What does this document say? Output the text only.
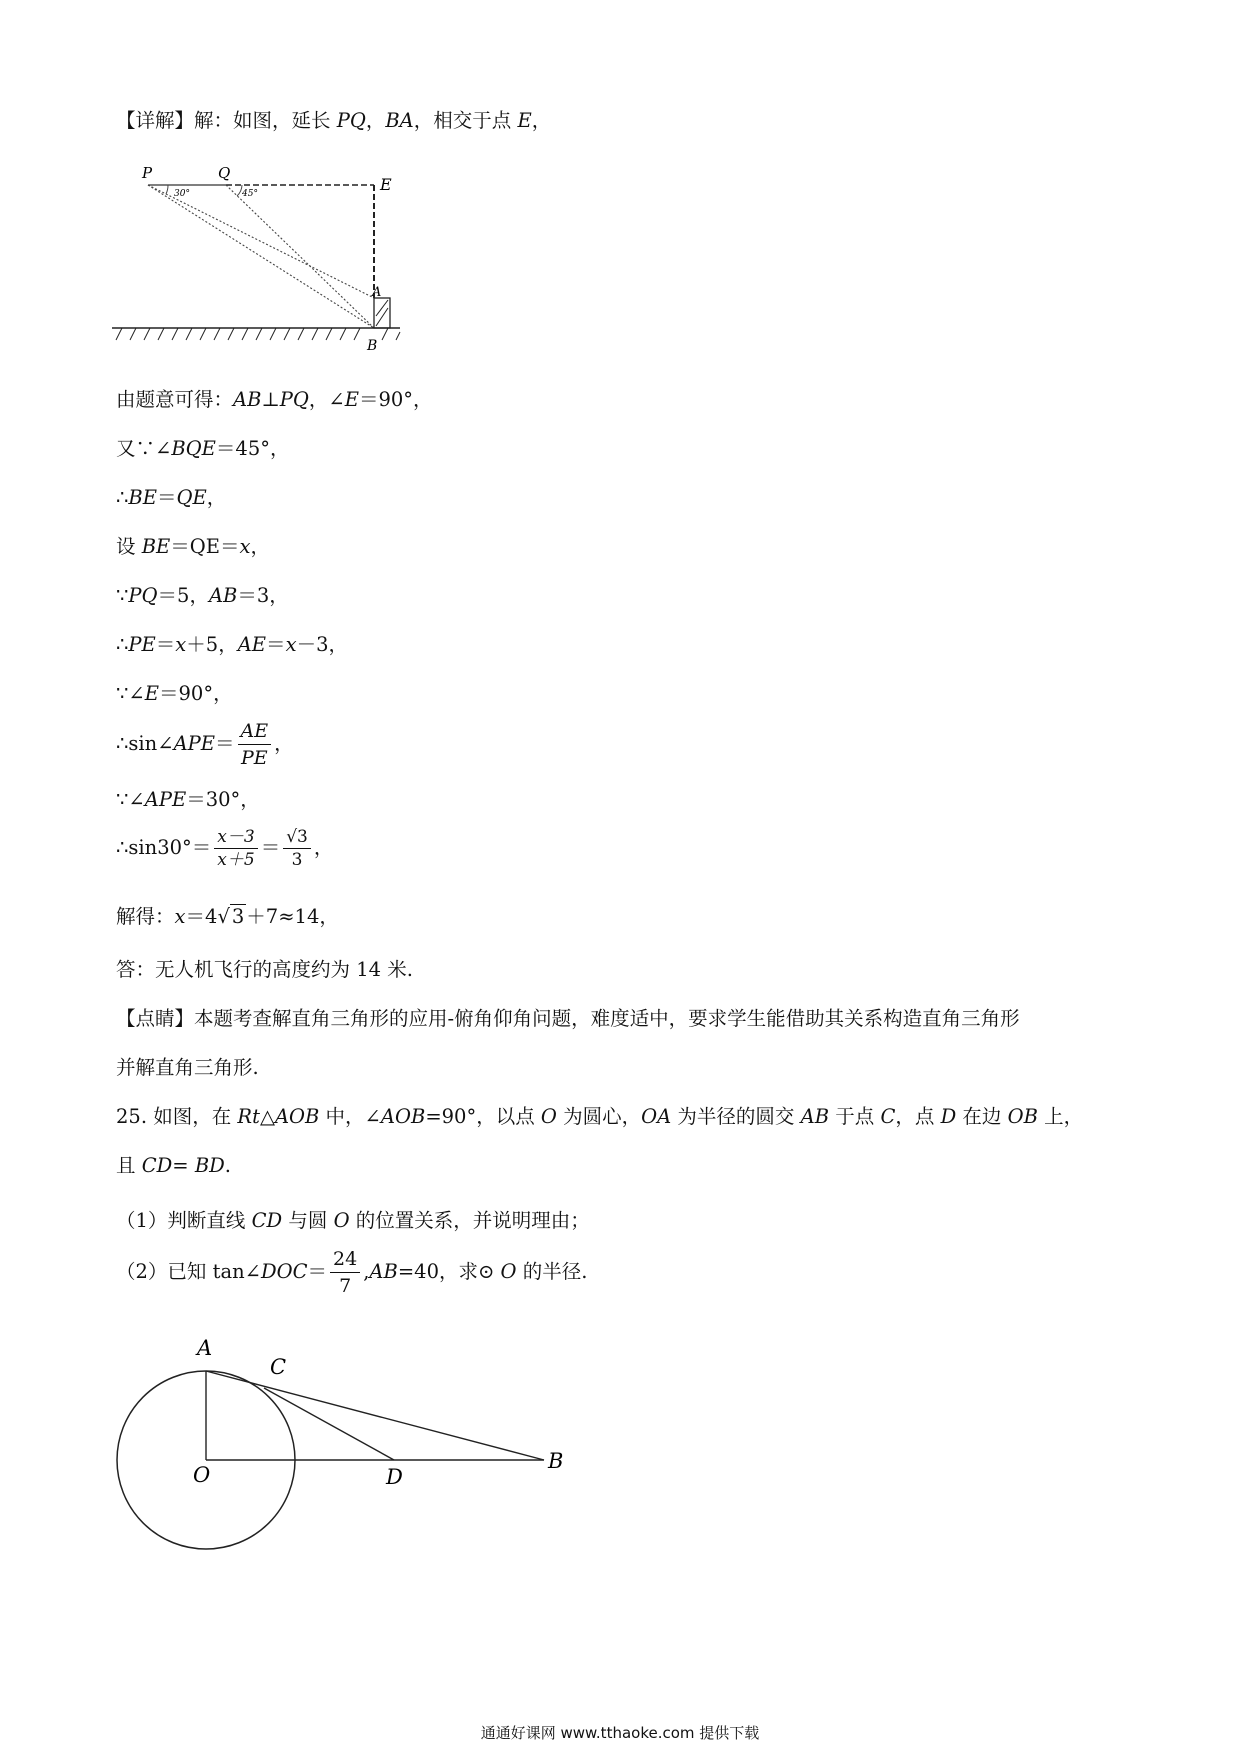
【详解】解：如图，延长 PQ，BA，相交于点 E，
30°	45°
P	Q
E
A
B
由题意可得：AB⊥PQ，∠E＝90°，
又∵∠BQE＝45°，
∴BE＝QE，
设 BE＝QE＝x，
∵PQ＝5，AB＝3，
∴PE＝x＋5，AE＝x－3，
∵∠E＝90°，
∴sin∠APE＝ $\frac{AE}{PE}$ ，
∵∠APE＝30°，
∴sin30°＝ $\frac{x-3}{x+5} = \frac{√3}{3}$ ，
解得：x＝4√ 3 ＋7≈14，
答：无人机飞行的高度约为 14 米.
【点睛】本题考查解直角三角形的应用-俯角仰角问题，难度适中，要求学生能借助其关系构造直角三角形
并解直角三角形.
25. 如图，在 Rt△AOB 中，∠AOB=90°，以点 O 为圆心，OA 为半径的圆交 AB 于点 C，点 D 在边 OB 上，
且 CD= BD.
（1）判断直线 CD 与圆 O 的位置关系，并说明理由；
（2）已知 tan∠DOC＝ $\frac{24}{7} ,AB=40$，求⊙ O 的半径.
A
C
O	D
B
通通好课网 www.tthaoke.com 提供下载
